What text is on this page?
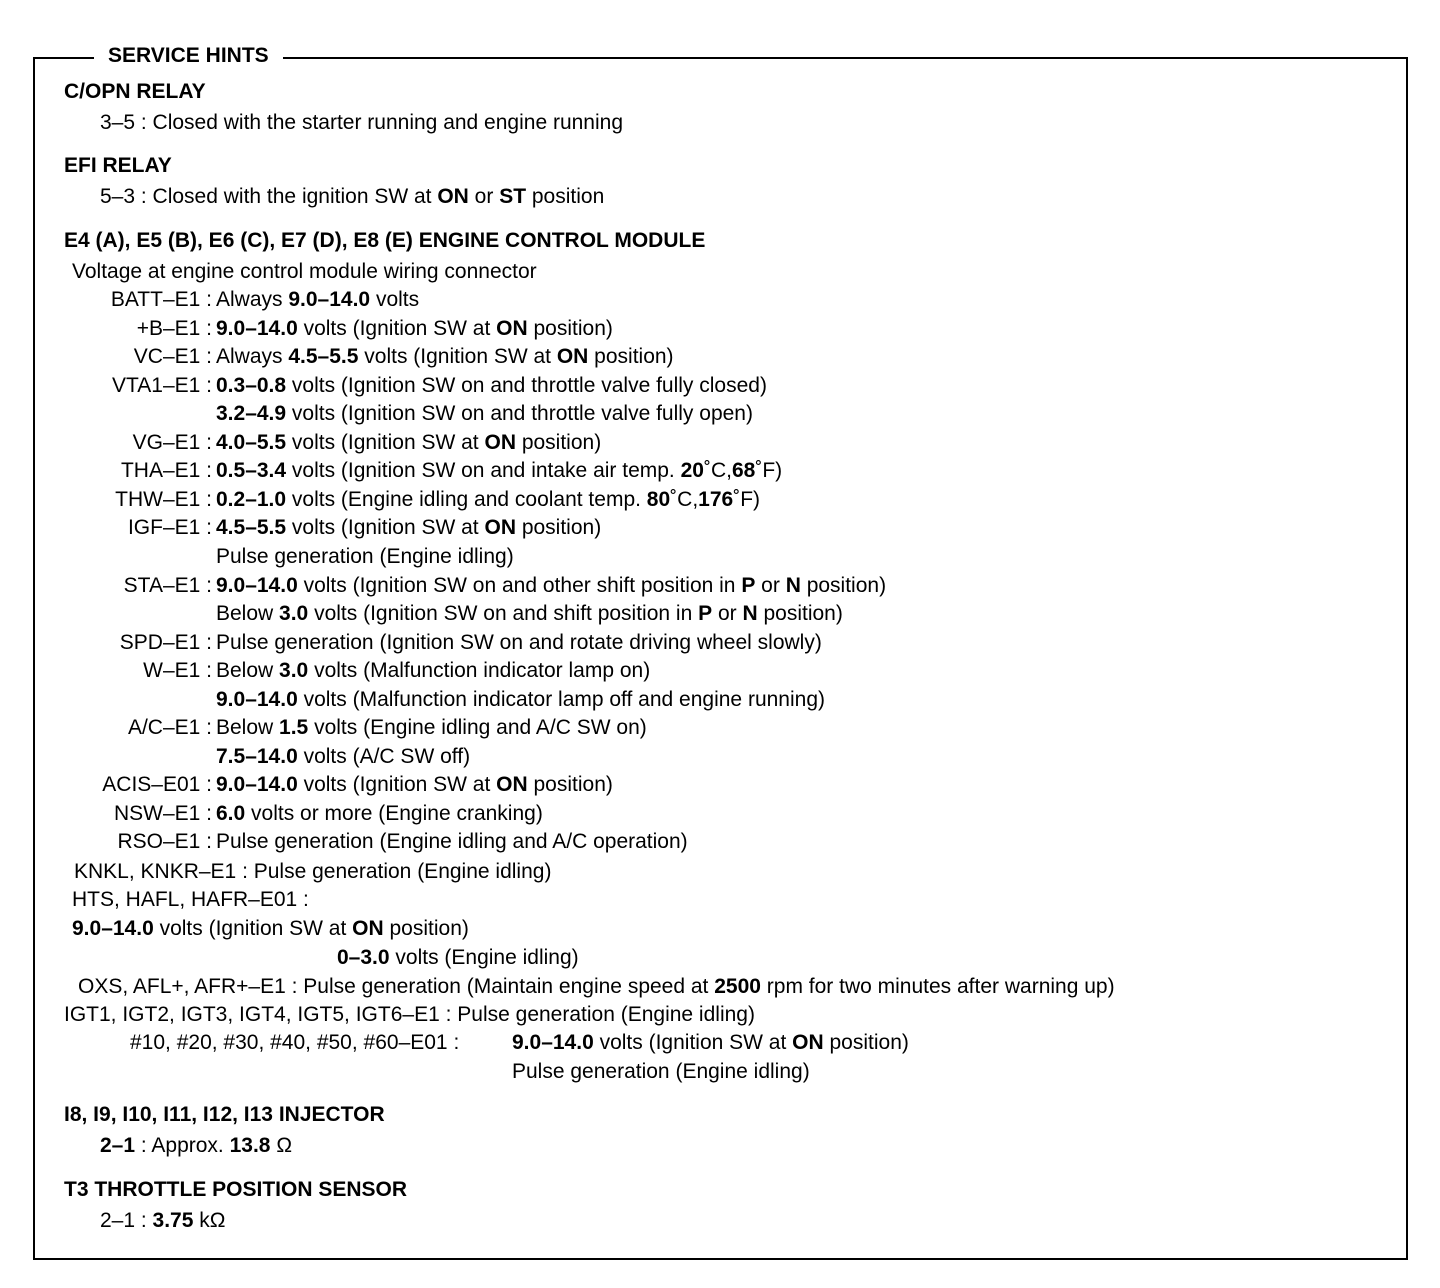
SERVICE HINTS
C/OPN RELAY
3–5 : Closed with the starter running and engine running
EFI RELAY
5–3 : Closed with the ignition SW at ON or ST position
E4 (A), E5 (B), E6 (C), E7 (D), E8 (E) ENGINE CONTROL MODULE
Voltage at engine control module wiring connector
BATT–E1 : Always 9.0–14.0 volts
+B–E1 : 9.0–14.0 volts (Ignition SW at ON position)
VC–E1 : Always 4.5–5.5 volts (Ignition SW at ON position)
VTA1–E1 : 0.3–0.8 volts (Ignition SW on and throttle valve fully closed)
3.2–4.9 volts (Ignition SW on and throttle valve fully open)
VG–E1 : 4.0–5.5 volts (Ignition SW at ON position)
THA–E1 : 0.5–3.4 volts (Ignition SW on and intake air temp. 20˚C,68˚F)
THW–E1 : 0.2–1.0 volts (Engine idling and coolant temp. 80˚C,176˚F)
IGF–E1 : 4.5–5.5 volts (Ignition SW at ON position)
Pulse generation (Engine idling)
STA–E1 : 9.0–14.0 volts (Ignition SW on and other shift position in P or N position)
Below 3.0 volts (Ignition SW on and shift position in P or N position)
SPD–E1 : Pulse generation (Ignition SW on and rotate driving wheel slowly)
W–E1 : Below 3.0 volts (Malfunction indicator lamp on)
9.0–14.0 volts (Malfunction indicator lamp off and engine running)
A/C–E1 : Below 1.5 volts (Engine idling and A/C SW on)
7.5–14.0 volts (A/C SW off)
ACIS–E01 : 9.0–14.0 volts (Ignition SW at ON position)
NSW–E1 : 6.0 volts or more (Engine cranking)
RSO–E1 : Pulse generation (Engine idling and A/C operation)
KNKL, KNKR–E1 : Pulse generation (Engine idling)
HTS, HAFL, HAFR–E01 :
9.0–14.0 volts (Ignition SW at ON position)
0–3.0 volts (Engine idling)
OXS, AFL+, AFR+–E1 : Pulse generation (Maintain engine speed at 2500 rpm for two minutes after warning up)
IGT1, IGT2, IGT3, IGT4, IGT5, IGT6–E1 : Pulse generation (Engine idling)
#10, #20, #30, #40, #50, #60–E01 :	9.0–14.0 volts (Ignition SW at ON position)
Pulse generation (Engine idling)
I8, I9, I10, I11, I12, I13 INJECTOR
2–1 : Approx. 13.8 Ω
T3 THROTTLE POSITION SENSOR
2–1 : 3.75 kΩ
